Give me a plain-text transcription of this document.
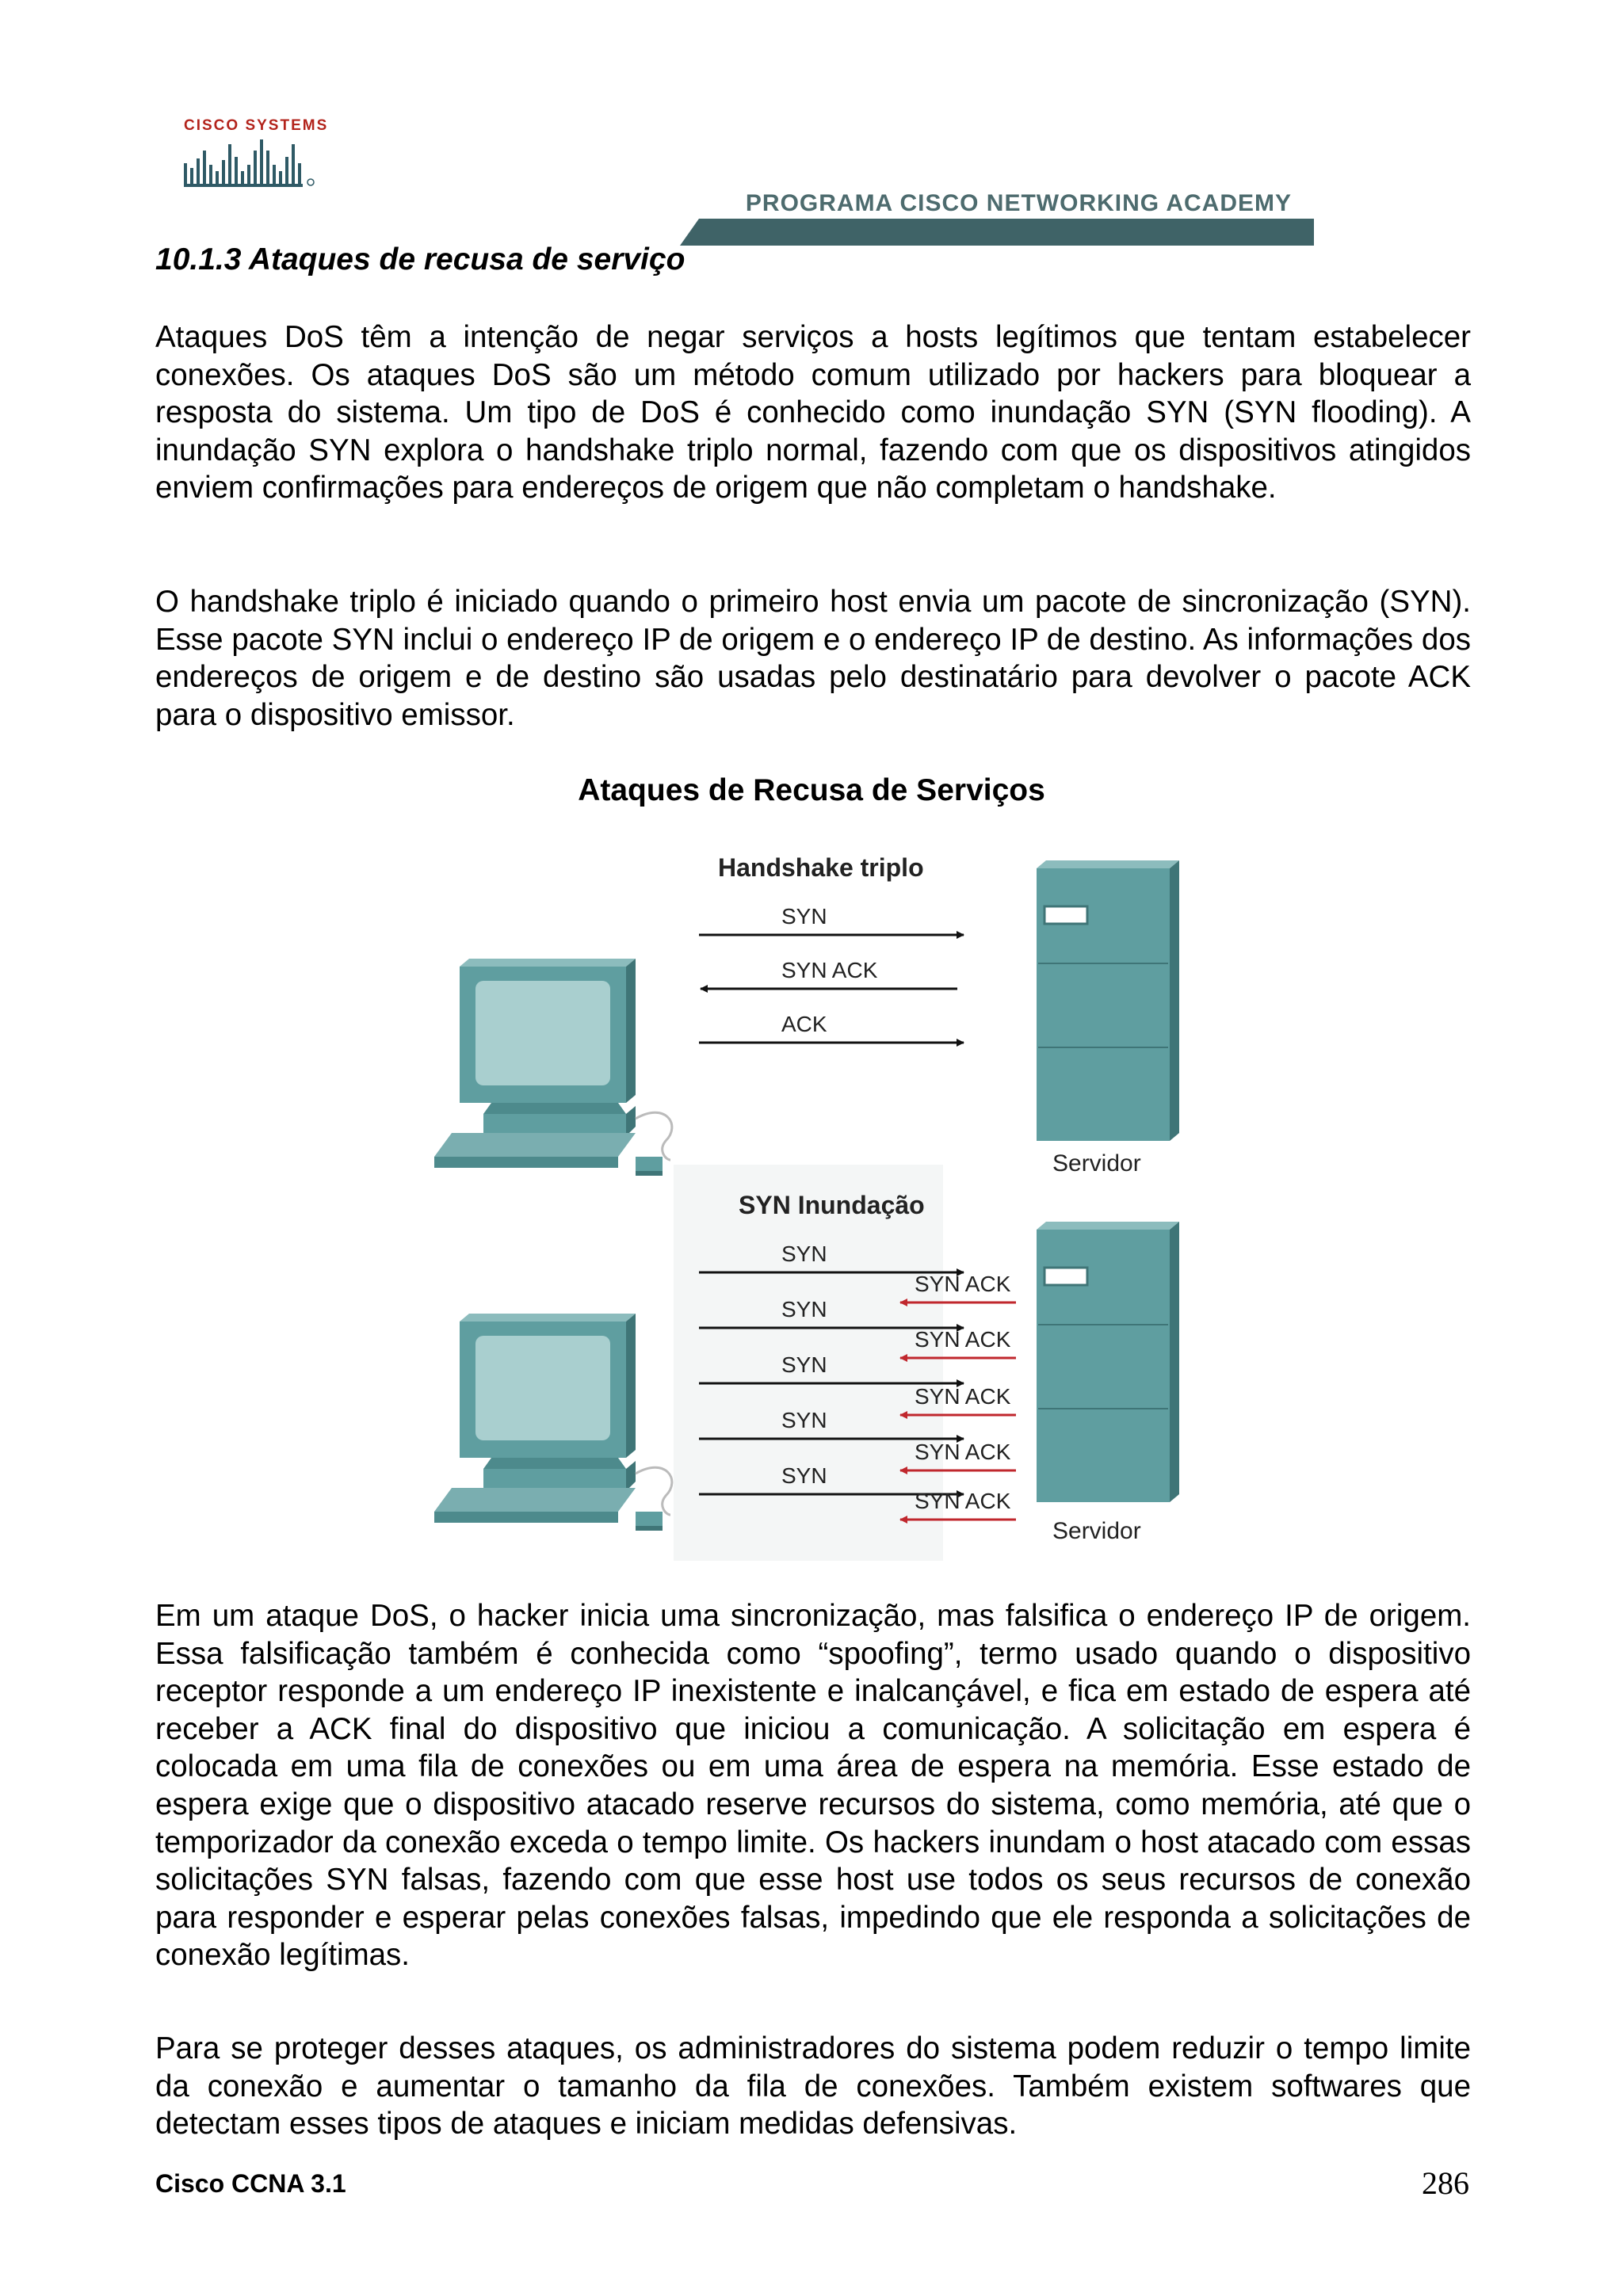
CISCO SYSTEMS
PROGRAMA CISCO NETWORKING ACADEMY
10.1.3 Ataques de recusa de serviço

Ataques DoS têm a intenção de negar serviços a hosts legítimos que tentam estabelecer conexões. Os ataques DoS são um método comum utilizado por hackers para bloquear a resposta do sistema. Um tipo de DoS é conhecido como inundação SYN (SYN flooding). A inundação SYN explora o handshake triplo normal, fazendo com que os dispositivos atingidos enviem confirmações para endereços de origem que não completam o handshake.

O handshake triplo é iniciado quando o primeiro host envia um pacote de sincronização (SYN). Esse pacote SYN inclui o endereço IP de origem e o endereço IP de destino. As informações dos endereços de origem e de destino são usadas pelo destinatário para devolver o pacote ACK para o dispositivo emissor.

Ataques de Recusa de Serviços
Handshake triplo
Servidor
SYN
SYN ACK
ACK
SYN Inundação
Servidor
SYN
SYN
SYN
SYN
SYN
SYN ACK
SYN ACK
SYN ACK
SYN ACK
SYN ACK

Em um ataque DoS, o hacker inicia uma sincronização, mas falsifica o endereço IP de origem. Essa falsificação também é conhecida como “spoofing”, termo usado quando o dispositivo receptor responde a um endereço IP inexistente e inalcançável, e fica em estado de espera até receber a ACK final do dispositivo que iniciou a comunicação. A solicitação em espera é colocada em uma fila de conexões ou em uma área de espera na memória. Esse estado de espera exige que o dispositivo atacado reserve recursos do sistema, como memória, até que o temporizador da conexão exceda o tempo limite. Os hackers inundam o host atacado com essas solicitações SYN falsas, fazendo com que esse host use todos os seus recursos de conexão para responder e esperar pelas conexões falsas, impedindo que ele responda a solicitações de conexão legítimas.

Para se proteger desses ataques, os administradores do sistema podem reduzir o tempo limite da conexão e aumentar o tamanho da fila de conexões. Também existem softwares que detectam esses tipos de ataques e iniciam medidas defensivas.

Cisco CCNA 3.1	286
